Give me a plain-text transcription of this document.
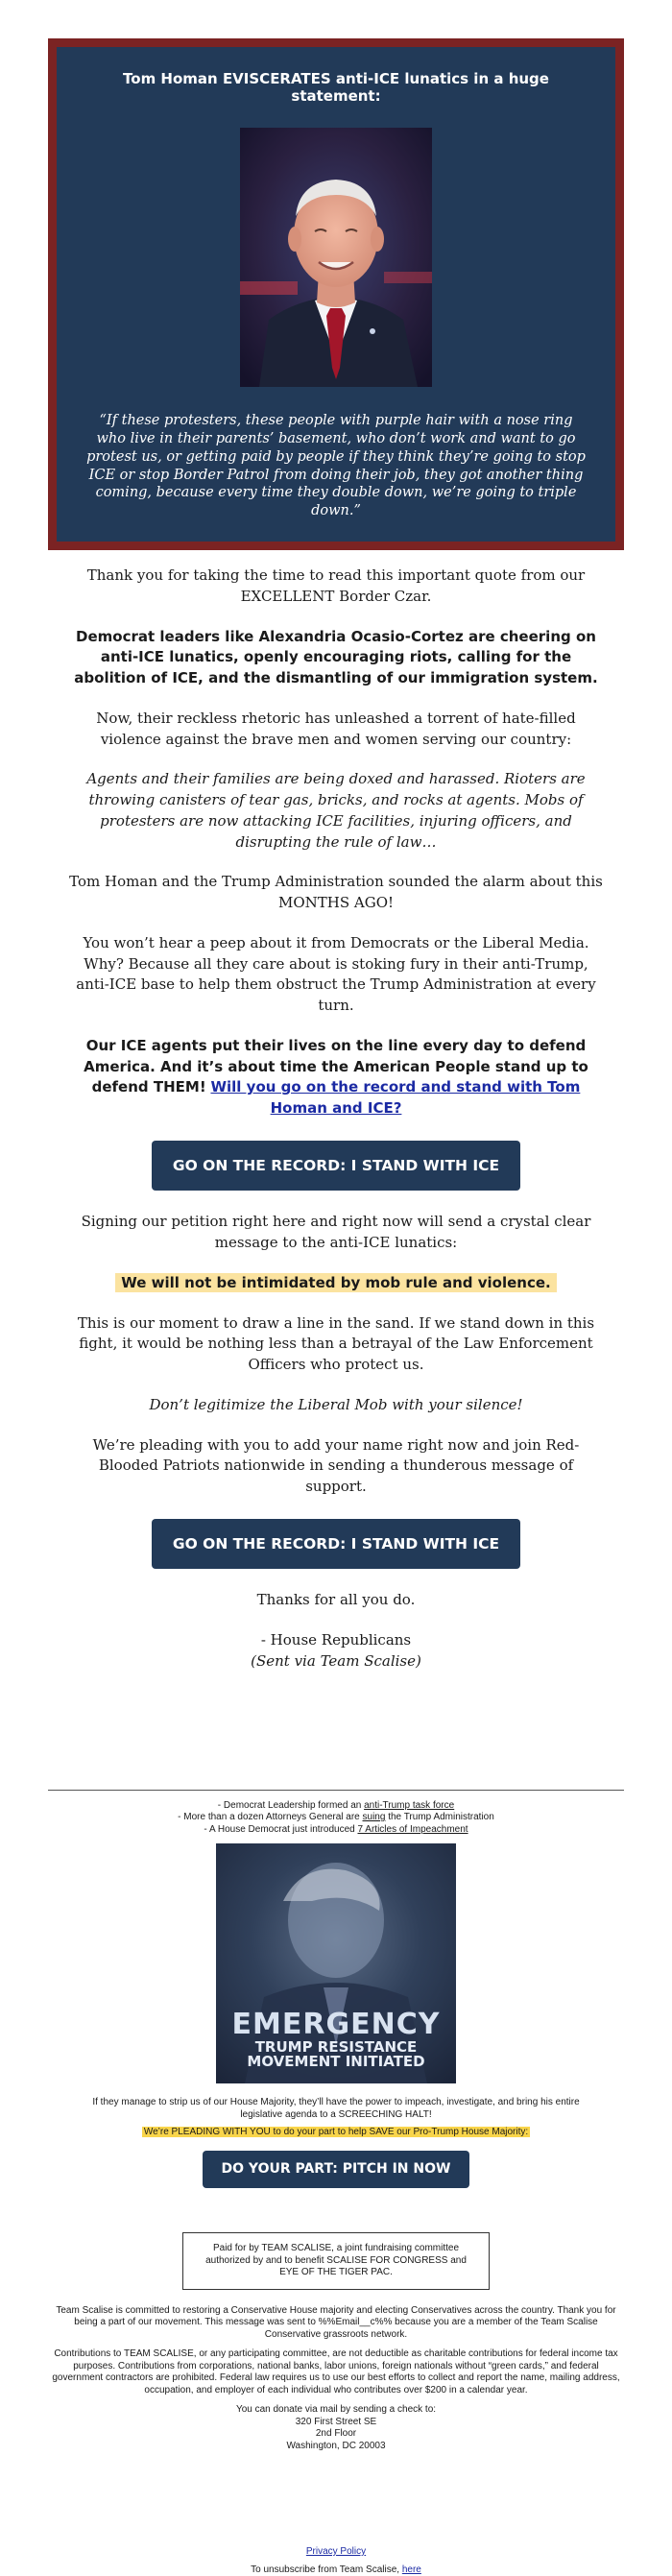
Tom Homan EVISCERATES anti-ICE lunatics in a huge statement:
“If these protesters, these people with purple hair with a nose ring who live in their parents’ basement, who don’t work and want to go protest us, or getting paid by people if they think they’re going to stop ICE or stop Border Patrol from doing their job, they got another thing coming, because every time they double down, we’re going to triple down.”

Thank you for taking the time to read this important quote from our EXCELLENT Border Czar.

Democrat leaders like Alexandria Ocasio-Cortez are cheering on anti-ICE lunatics, openly encouraging riots, calling for the abolition of ICE, and the dismantling of our immigration system.

Now, their reckless rhetoric has unleashed a torrent of hate-filled violence against the brave men and women serving our country:

Agents and their families are being doxed and harassed. Rioters are throwing canisters of tear gas, bricks, and rocks at agents. Mobs of protesters are now attacking ICE facilities, injuring officers, and disrupting the rule of law…

Tom Homan and the Trump Administration sounded the alarm about this MONTHS AGO!

You won’t hear a peep about it from Democrats or the Liberal Media. Why? Because all they care about is stoking fury in their anti-Trump, anti-ICE base to help them obstruct the Trump Administration at every turn.

Our ICE agents put their lives on the line every day to defend America. And it’s about time the American People stand up to defend THEM! Will you go on the record and stand with Tom Homan and ICE?

GO ON THE RECORD: I STAND WITH ICE

Signing our petition right here and right now will send a crystal clear message to the anti-ICE lunatics:

We will not be intimidated by mob rule and violence.

This is our moment to draw a line in the sand. If we stand down in this fight, it would be nothing less than a betrayal of the Law Enforcement Officers who protect us.

Don’t legitimize the Liberal Mob with your silence!

We’re pleading with you to add your name right now and join Red-Blooded Patriots nationwide in sending a thunderous message of support.

GO ON THE RECORD: I STAND WITH ICE

Thanks for all you do.

- House Republicans
(Sent via Team Scalise)

- Democrat Leadership formed an anti-Trump task force
- More than a dozen Attorneys General are suing the Trump Administration
- A House Democrat just introduced 7 Articles of Impeachment
EMERGENCY
TRUMP RESISTANCE
MOVEMENT INITIATED

If they manage to strip us of our House Majority, they’ll have the power to impeach, investigate, and bring his entire legislative agenda to a SCREECHING HALT!

We’re PLEADING WITH YOU to do your part to help SAVE our Pro-Trump House Majority:
DO YOUR PART: PITCH IN NOW
Paid for by TEAM SCALISE, a joint fundraising committee authorized by and to benefit SCALISE FOR CONGRESS and EYE OF THE TIGER PAC.

Team Scalise is committed to restoring a Conservative House majority and electing Conservatives across the country. Thank you for being a part of our movement. This message was sent to %%Email__c%% because you are a member of the Team Scalise Conservative grassroots network.

Contributions to TEAM SCALISE, or any participating committee, are not deductible as charitable contributions for federal income tax purposes. Contributions from corporations, national banks, labor unions, foreign nationals without “green cards,” and federal government contractors are prohibited. Federal law requires us to use our best efforts to collect and report the name, mailing address, occupation, and employer of each individual who contributes over $200 in a calendar year.

You can donate via mail by sending a check to:
320 First Street SE
2nd Floor
Washington, DC 20003
Privacy Policy
To unsubscribe from Team Scalise, here
